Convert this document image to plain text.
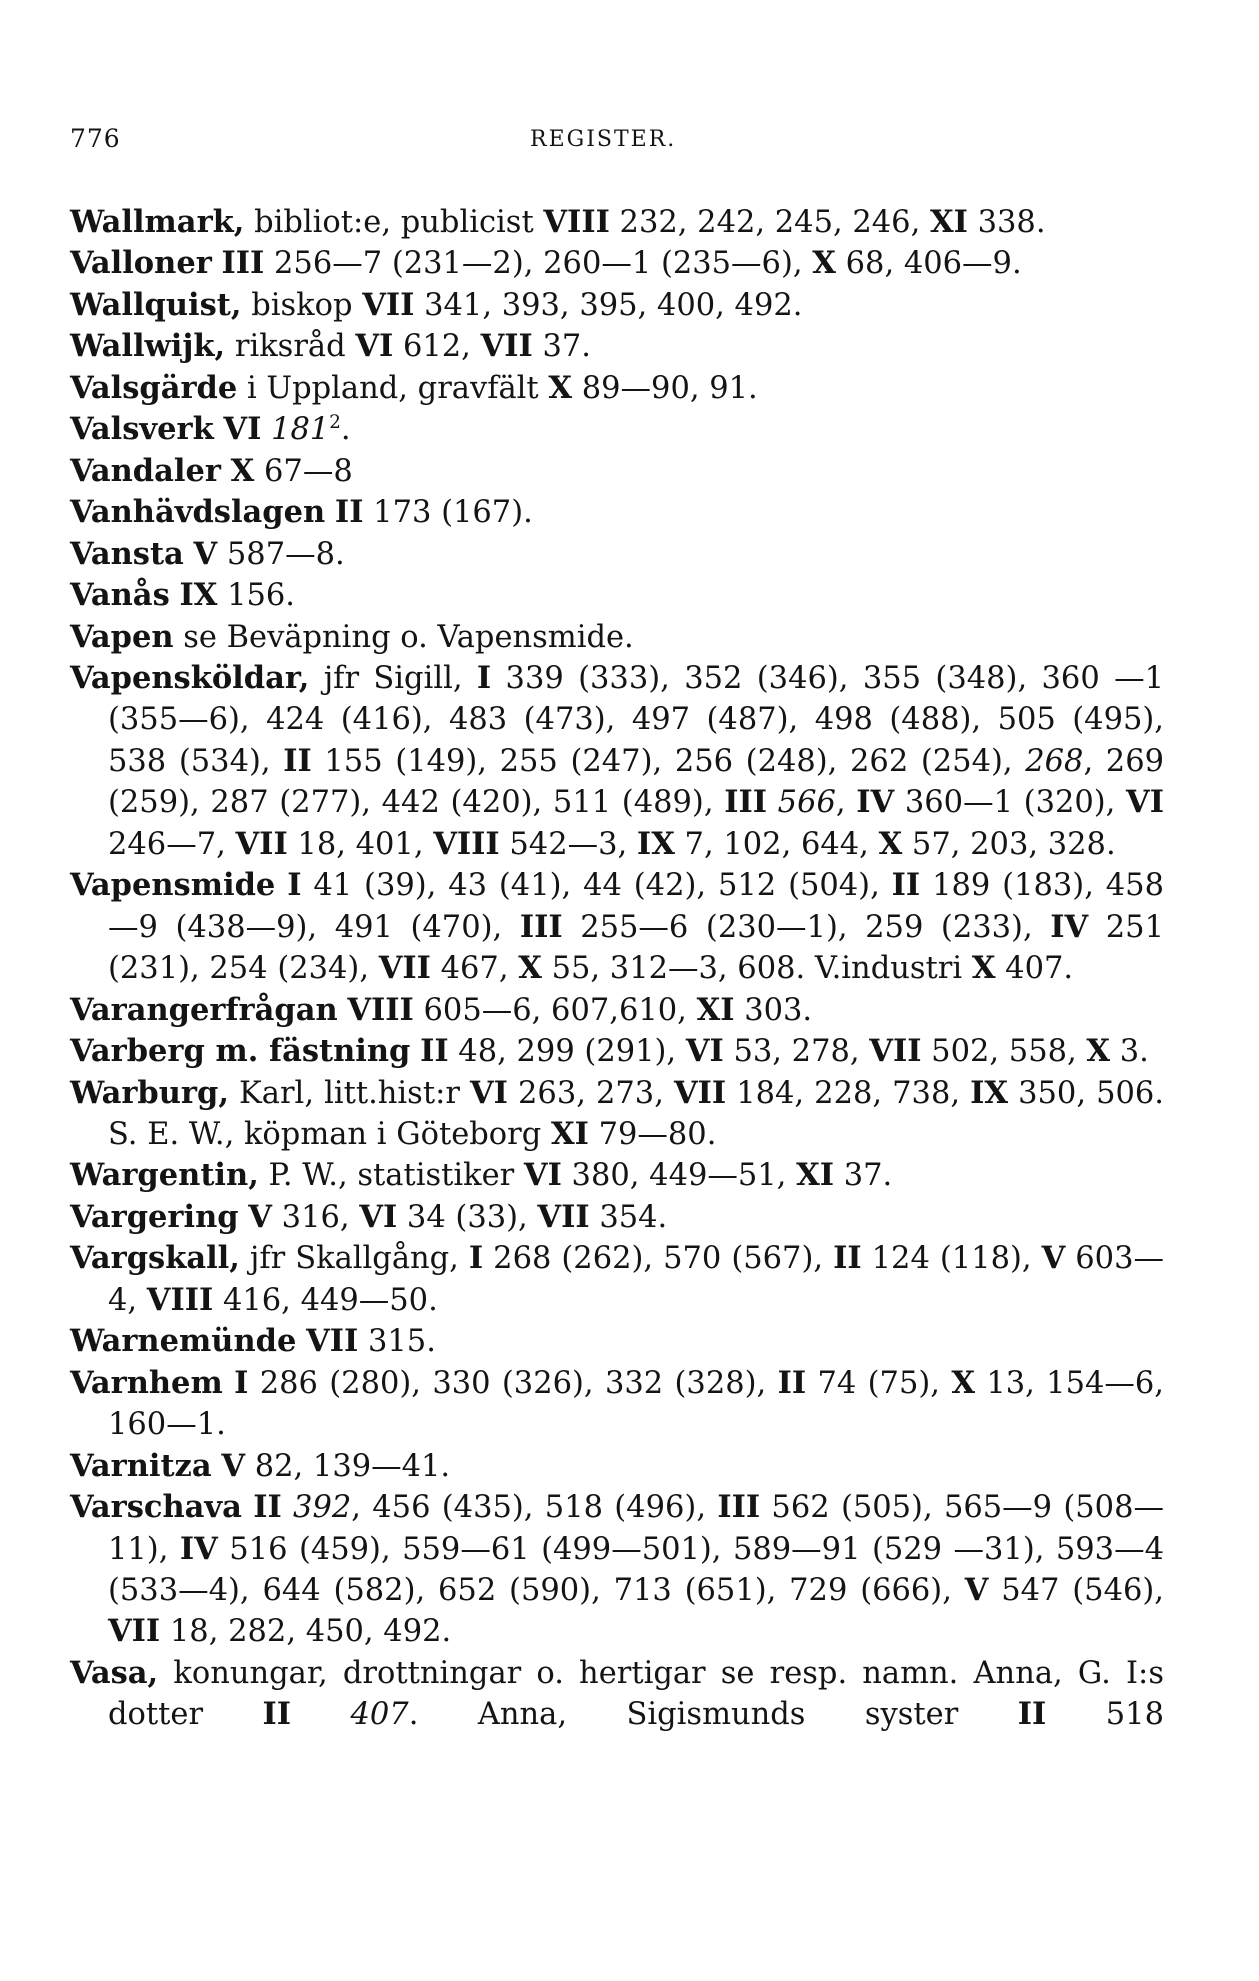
776	REGISTER.
Wallmark, bibliot:e, publicist VIII 232, 242, 245, 246, XI 338.
Valloner III 256—7 (231—2), 260—1 (235—6), X 68, 406—9.
Wallquist, biskop VII 341, 393, 395, 400, 492.
Wallwijk, riksråd VI 612, VII 37.
Valsgärde i Uppland, gravfält X 89—90, 91.
Valsverk VI $181^2$.
Vandaler X 67—8
Vanhävdslagen II 173 (167).
Vansta V 587—8.
Vanås IX 156.
Vapen se Beväpning o. Vapensmide.
Vapensköldar, jfr Sigill, I 339 (333), 352 (346), 355 (348), 360 —1 (355—6), 424 (416), 483 (473), 497 (487), 498 (488), 505 (495), 538 (534), II 155 (149), 255 (247), 256 (248), 262 (254), 268, 269 (259), 287 (277), 442 (420), 511 (489), III 566, IV 360—1 (320), VI 246—7, VII 18, 401, VIII 542—3, IX 7, 102, 644, X 57, 203, 328.
Vapensmide I 41 (39), 43 (41), 44 (42), 512 (504), II 189 (183), 458—9 (438—9), 491 (470), III 255—6 (230—1), 259 (233), IV 251 (231), 254 (234), VII 467, X 55, 312—3, 608. V.industri X 407.
Varangerfrågan VIII 605—6, 607,610, XI 303.
Varberg m. fästning II 48, 299 (291), VI 53, 278, VII 502, 558, X 3.
Warburg, Karl, litt.hist:r VI 263, 273, VII 184, 228, 738, IX 350, 506. S. E. W., köpman i Göteborg XI 79—80.
Wargentin, P. W., statistiker VI 380, 449—51, XI 37.
Vargering V 316, VI 34 (33), VII 354.
Vargskall, jfr Skallgång, I 268 (262), 570 (567), II 124 (118), V 603—4, VIII 416, 449—50.
Warnemünde VII 315.
Varnhem I 286 (280), 330 (326), 332 (328), II 74 (75), X 13, 154—6, 160—1.
Varnitza V 82, 139—41.
Varschava II 392, 456 (435), 518 (496), III 562 (505), 565—9 (508—11), IV 516 (459), 559—61 (499—501), 589—91 (529 —31), 593—4 (533—4), 644 (582), 652 (590), 713 (651), 729 (666), V 547 (546), VII 18, 282, 450, 492.
Vasa, konungar, drottningar o. hertigar se resp. namn. Anna, G. I:s dotter II 407. Anna, Sigismunds syster II 518
